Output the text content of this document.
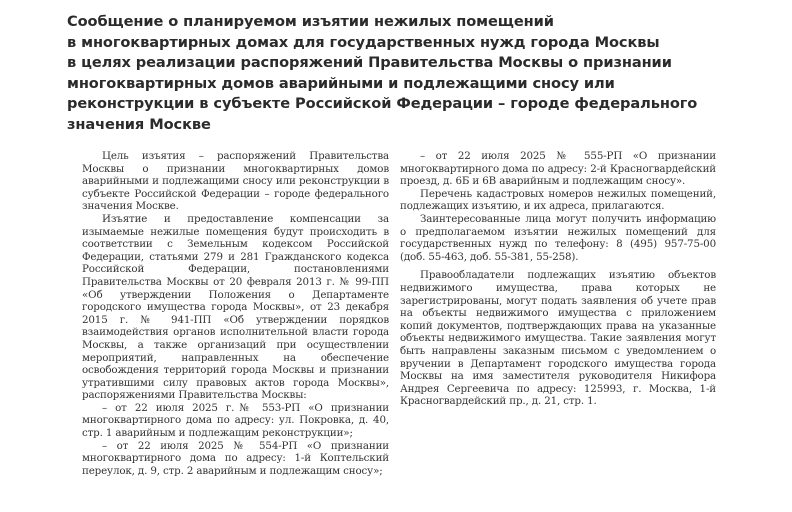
Сообщение о планируемом изъятии нежилых помещений
в многоквартирных домах для государственных нужд города Москвы
в целях реализации распоряжений Правительства Москвы о признании
многоквартирных домов аварийными и подлежащими сносу или
реконструкции в субъекте Российской Федерации – городе федерального
значения Москве

Цель изъятия – распоряжений Правительства Москвы о признании многоквартирных домов аварийными и подлежащими сносу или реконструкции в субъекте Российской Федерации – городе федерального значения Москве.

Изъятие и предоставление компенсации за изымаемые нежилые помещения будут происходить в соответствии с Земельным кодексом Российской Федерации, статьями 279 и 281 Гражданского кодекса Российской Федерации, постановлениями Правительства Москвы от 20 февраля 2013 г. № 99-ПП «Об утверждении Положения о Департаменте городского имущества города Москвы», от 23 декабря 2015 г. № 941-ПП «Об утверждении порядков взаимодействия органов исполнительной власти города Москвы, а также организаций при осуществлении мероприятий, направленных на обеспечение освобождения территорий города Москвы и признании утратившими силу правовых актов города Москвы», распоряжениями Правительства Москвы:

– от 22 июля 2025 г.№ 553-РП «О признании многоквартирного дома по адресу: ул. Покровка, д. 40, стр. 1 аварийным и подлежащим реконструкции»;

– от 22 июля 2025 № 554-РП «О признании многоквартирного дома по адресу: 1-й Коптельский переулок, д. 9, стр. 2 аварийным и подлежащим сносу»;

– от 22 июля 2025 № 555-РП «О признании многоквартирного дома по адресу: 2-й Красногвардейский проезд, д. 6Б и 6В аварийным и подлежащим сносу».

Перечень кадастровых номеров нежилых помещений, подлежащих изъятию, и их адреса, прилагаются.

Заинтересованные лица могут получить информацию о предполагаемом изъятии нежилых помещений для государственных нужд по телефону: 8 (495) 957-75-00 (доб. 55-463, доб. 55-381, 55-258).

Правообладатели подлежащих изъятию объектов недвижимого имущества, права которых не зарегистрированы, могут подать заявления об учете прав на объекты недвижимого имущества с приложением копий документов, подтверждающих права на указанные объекты недвижимого имущества. Такие заявления могут быть направлены заказным письмом с уведомлением о вручении в Департамент городского имущества города Москвы на имя заместителя руководителя Никифора Андрея Сергеевича по адресу: 125993, г. Москва, 1-й Красногвардейский пр., д. 21, стр. 1.
